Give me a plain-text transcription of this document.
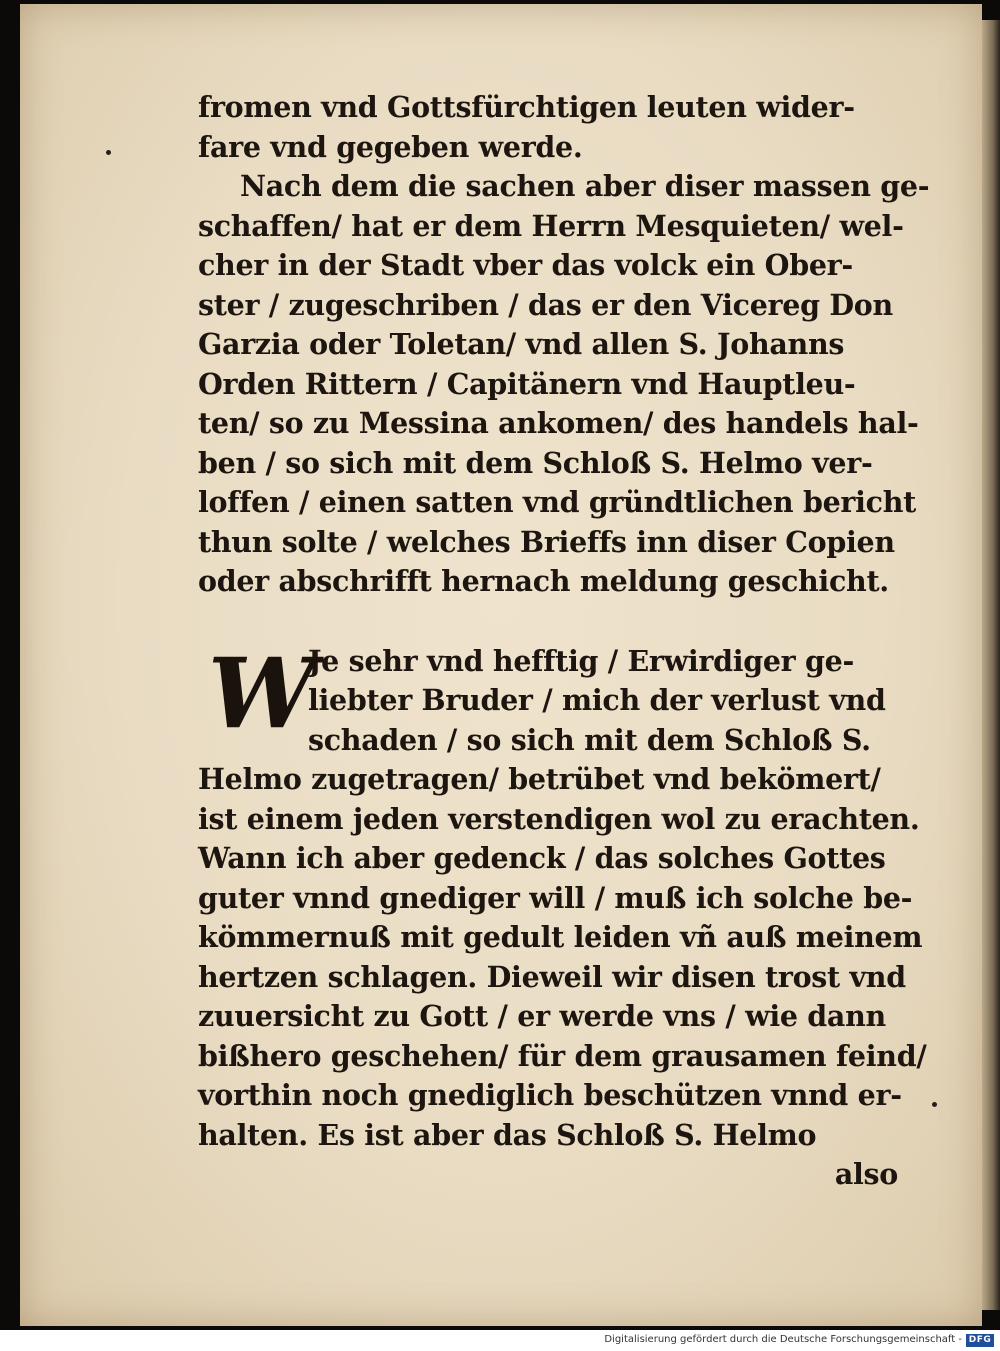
fromen vnd Gottsfürchtigen leuten wider-
fare vnd gegeben werde.
Nach dem die sachen aber diser massen ge-
schaffen/ hat er dem Herrn Mesquieten/ wel-
cher in der Stadt vber das volck ein Ober-
ster / zugeschriben / das er den Vicereg Don
Garzia oder Toletan/ vnd allen S. Johanns
Orden Rittern / Capitänern vnd Hauptleu-
ten/ so zu Messina ankomen/ des handels hal-
ben / so sich mit dem Schloß S. Helmo ver-
loffen / einen satten vnd gründtlichen bericht
thun solte / welches Brieffs inn diser Copien
oder abschrifft hernach meldung geschicht.
W
Je sehr vnd hefftig / Erwirdiger ge-
liebter Bruder / mich der verlust vnd
schaden / so sich mit dem Schloß S.
Helmo zugetragen/ betrübet vnd bekömert/
ist einem jeden verstendigen wol zu erachten.
Wann ich aber gedenck / das solches Gottes
guter vnnd gnediger will / muß ich solche be-
kömmernuß mit gedult leiden vñ auß meinem
hertzen schlagen. Dieweil wir disen trost vnd
zuuersicht zu Gott / er werde vns / wie dann
bißhero geschehen/ für dem grausamen feind/
vorthin noch gnediglich beschützen vnnd er-
halten. Es ist aber das Schloß S. Helmo
also
Digitalisierung gefördert durch die Deutsche Forschungsgemeinschaft - DFG
